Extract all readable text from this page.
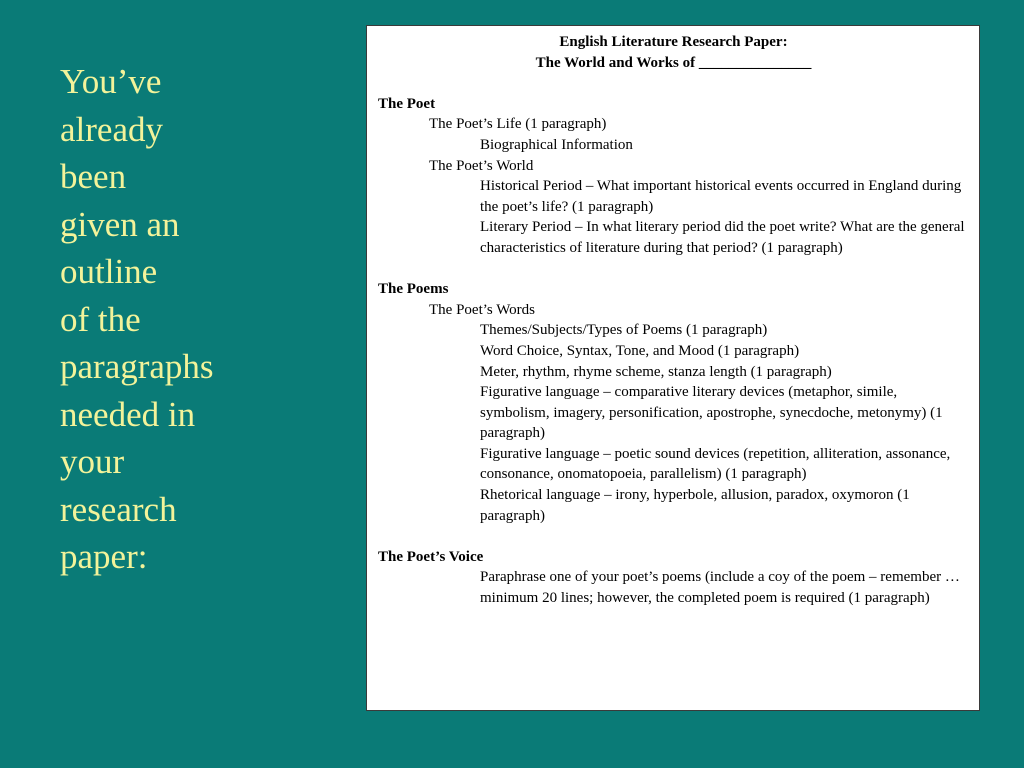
You’ve
already
been
given an
outline
of the
paragraphs
needed in
your
research
paper:
English Literature Research Paper:
The World and Works of _______________
The Poet
The Poet’s Life (1 paragraph)
Biographical Information
The Poet’s World
Historical Period – What important historical events occurred in England during the poet’s life? (1 paragraph)
Literary Period – In what literary period did the poet write? What are the general characteristics of literature during that period? (1 paragraph)
The Poems
The Poet’s Words
Themes/Subjects/Types of Poems (1 paragraph)
Word Choice, Syntax, Tone, and Mood (1 paragraph)
Meter, rhythm, rhyme scheme, stanza length (1 paragraph)
Figurative language – comparative literary devices (metaphor, simile, symbolism, imagery, personification, apostrophe, synecdoche, metonymy) (1 paragraph)
Figurative language – poetic sound devices (repetition, alliteration, assonance, consonance, onomatopoeia, parallelism) (1 paragraph)
Rhetorical language – irony, hyperbole, allusion, paradox, oxymoron (1 paragraph)
The Poet’s Voice
Paraphrase one of your poet’s poems (include a coy of the poem – remember … minimum 20 lines; however, the completed poem is required (1 paragraph)
